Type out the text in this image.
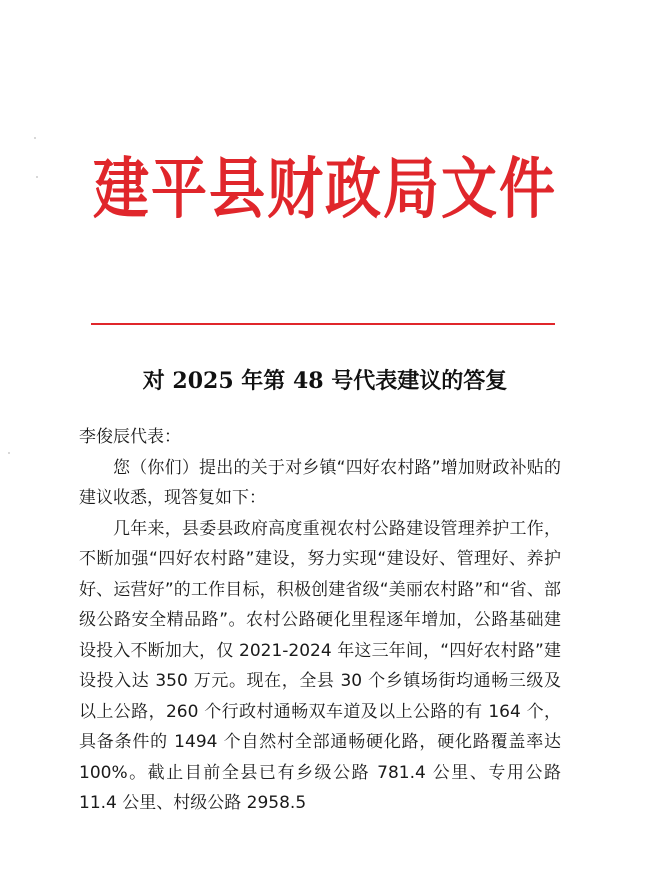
建平县财政局文件
对 2025 年第 48 号代表建议的答复

李俊辰代表：

您（你们）提出的关于对乡镇“四好农村路”增加财政补贴的建议收悉，现答复如下：

几年来，县委县政府高度重视农村公路建设管理养护工作，不断加强“四好农村路”建设，努力实现“建设好、管理好、养护好、运营好”的工作目标，积极创建省级“美丽农村路”和“省、部级公路安全精品路”。农村公路硬化里程逐年增加，公路基础建设投入不断加大，仅 2021-2024 年这三年间，“四好农村路”建设投入达 350 万元。现在，全县 30 个乡镇场街均通畅三级及以上公路，260 个行政村通畅双车道及以上公路的有 164 个，具备条件的 1494 个自然村全部通畅硬化路，硬化路覆盖率达 100%。截止目前全县已有乡级公路 781.4 公里、专用公路 11.4 公里、村级公路 2958.5
